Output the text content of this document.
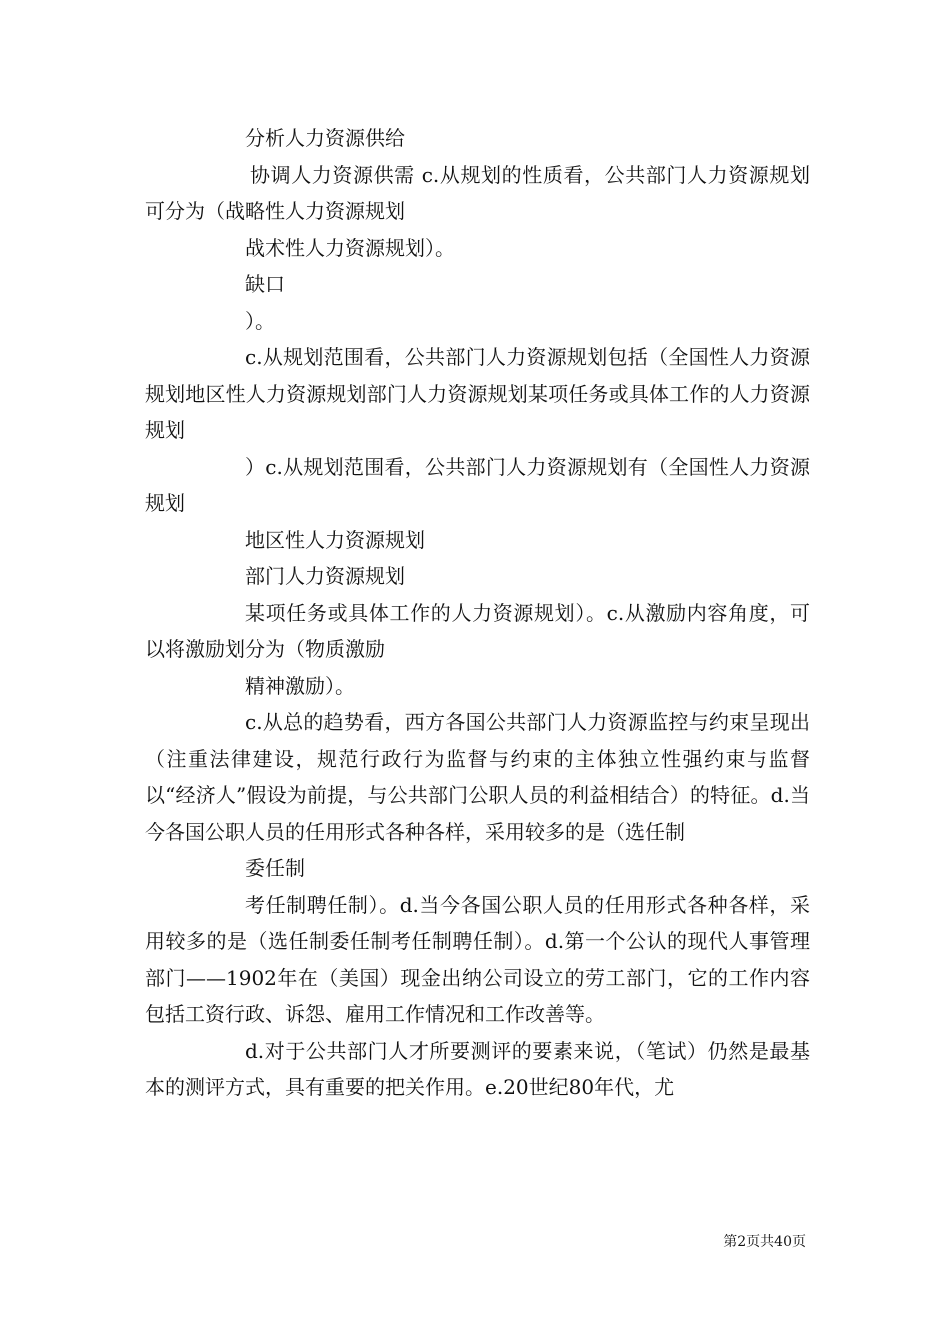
分析人力资源供给

协调人力资源供需 c.从规划的性质看，公共部门人力资源规划可分为（战略性人力资源规划

战术性人力资源规划）。

缺口

）。

c.从规划范围看，公共部门人力资源规划包括（全国性人力资源规划地区性人力资源规划部门人力资源规划某项任务或具体工作的人力资源规划

）c.从规划范围看，公共部门人力资源规划有（全国性人力资源规划

地区性人力资源规划

部门人力资源规划

某项任务或具体工作的人力资源规划）。c.从激励内容角度，可以将激励划分为（物质激励

精神激励）。

c.从总的趋势看，西方各国公共部门人力资源监控与约束呈现出（注重法律建设，规范行政行为监督与约束的主体独立性强约束与监督以“经济人”假设为前提，与公共部门公职人员的利益相结合）的特征。d.当今各国公职人员的任用形式各种各样，采用较多的是（选任制

委任制

考任制聘任制）。d.当今各国公职人员的任用形式各种各样，采用较多的是（选任制委任制考任制聘任制）。d.第一个公认的现代人事管理部门——1902年在（美国）现金出纳公司设立的劳工部门，它的工作内容包括工资行政、诉怨、雇用工作情况和工作改善等。

d.对于公共部门人才所要测评的要素来说，（笔试）仍然是最基本的测评方式，具有重要的把关作用。e.20世纪80年代，尤

第2页共40页
